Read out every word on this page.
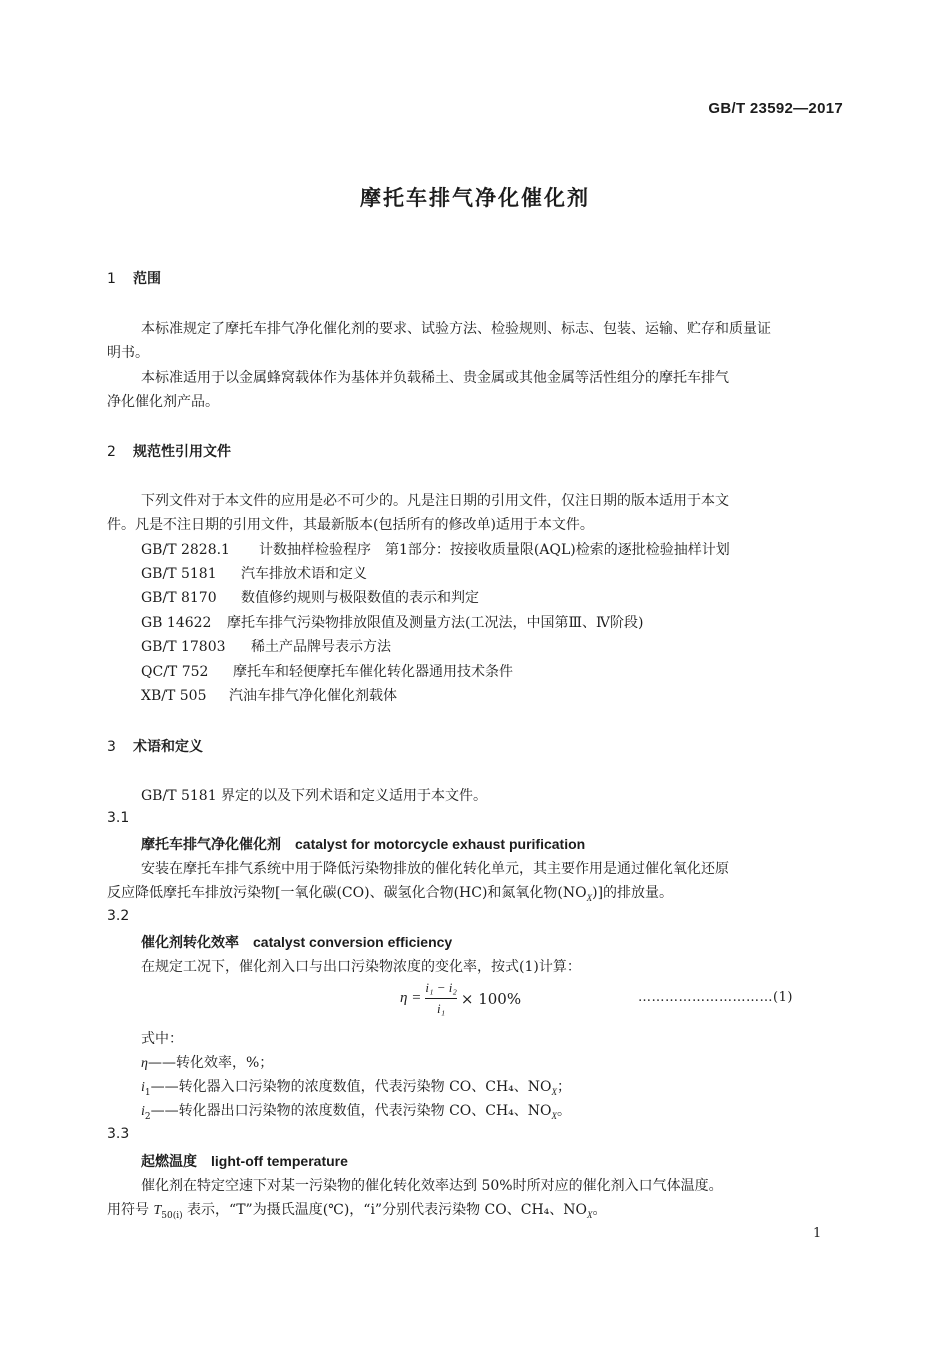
GB/T 23592—2017
摩托车排气净化催化剂
1 范围
本标准规定了摩托车排气净化催化剂的要求、试验方法、检验规则、标志、包装、运输、贮存和质量证
明书。
本标准适用于以金属蜂窝载体作为基体并负载稀土、贵金属或其他金属等活性组分的摩托车排气
净化催化剂产品。
2 规范性引用文件
下列文件对于本文件的应用是必不可少的。凡是注日期的引用文件，仅注日期的版本适用于本文
件。凡是不注日期的引用文件，其最新版本(包括所有的修改单)适用于本文件。
GB/T 2828.1 计数抽样检验程序　第1部分：按接收质量限(AQL)检索的逐批检验抽样计划
GB/T 5181 汽车排放术语和定义
GB/T 8170 数值修约规则与极限数值的表示和判定
GB 14622 摩托车排气污染物排放限值及测量方法(工况法，中国第Ⅲ、Ⅳ阶段)
GB/T 17803 稀土产品牌号表示方法
QC/T 752 摩托车和轻便摩托车催化转化器通用技术条件
XB/T 505 汽油车排气净化催化剂载体
3 术语和定义
GB/T 5181 界定的以及下列术语和定义适用于本文件。
3.1
摩托车排气净化催化剂 catalyst for motorcycle exhaust purification
安装在摩托车排气系统中用于降低污染物排放的催化转化单元，其主要作用是通过催化氧化还原
反应降低摩托车排放污染物[一氧化碳(CO)、碳氢化合物(HC)和氮氧化物$(NO_X)$]的排放量。
3.2
催化剂转化效率 catalyst conversion efficiency
在规定工况下，催化剂入口与出口污染物浓度的变化率，按式(1)计算：
$\eta = \frac{\text{i₁ − i₂}}{\text{i₁}} \times 100\%$	…………………………(1)
式中：
η——转化效率，%；
$i_1——$转化器入口污染物的浓度数值，代表污染物 CO、CH₄、$NO_X$；
$i_2——$转化器出口污染物的浓度数值，代表污染物 CO、CH₄、$NO_X$。
3.3
起燃温度 light-off temperature
催化剂在特定空速下对某一污染物的催化转化效率达到 50%时所对应的催化剂入口气体温度。
用符号 $T_{50(i)}$ 表示，“T”为摄氏温度(℃)，“i”分别代表污染物 CO、CH₄、$NO_X$。
1
